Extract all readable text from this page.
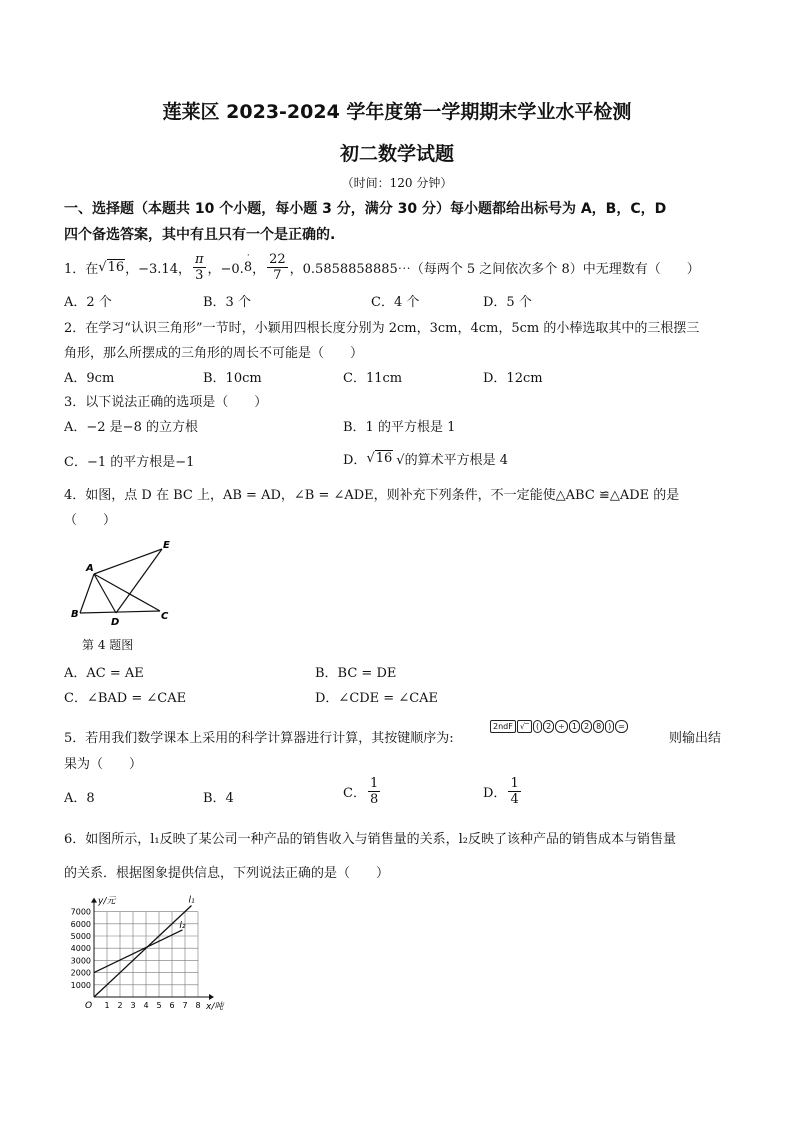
莲莱区 2023-2024 学年度第一学期期末学业水平检测
初二数学试题
（时间：120 分钟）
一、选择题（本题共 10 个小题，每小题 3 分，满分 30 分）每小题都给出标号为 A，B，C，D
四个备选答案，其中有且只有一个是正确的.
1．在 √16 ，−3.14， $\frac{\pi}{3}$ ，−0.
·
8 ， $\frac{22}{7}$ ，0.5858858885⋯（每两个 5 之间依次多个 8）中无理数有（　　）
A．2 个	B．3 个	C．4 个	D．5 个
2．在学习“认识三角形”一节时，小颖用四根长度分别为 2cm，3cm，4cm，5cm 的小棒选取其中的三根摆三
角形，那么所摆成的三角形的周长不可能是（　　）
A．9cm	B．10cm	C．11cm	D．12cm
3．以下说法正确的选项是（　　）
A．−2 是−8 的立方根	B．1 的平方根是 1
C．−1 的平方根是−1	D． √16 √的算术平方根是 4
4．如图，点 D 在 BC 上，AB = AD，∠B = ∠ADE，则补充下列条件，不一定能使△ABC ≌△ADE 的是
（　　）
A
B	C
D
E
第 4 题图
A．AC = AE	B．BC = DE
C．∠BAD = ∠CAE	D．∠CDE = ∠CAE
5．若用我们数学课本上采用的科学计算器进行计算，其按键顺序为:
2ndF √‾ ( 2 ÷ 1 2 8 ) =
则输出结
果为（　　）
A．8	B．4	C． $\frac{1}{8}$	D． $\frac{1}{4}$
6．如图所示，l₁反映了某公司一种产品的销售收入与销售量的关系，l₂反映了该种产品的销售成本与销售量
的关系．根据图象提供信息，下列说法正确的是（　　）
1000
2000
3000
4000
5000
6000
7000
1 2 3 4 5 6 7 8
l₁
l₂
y/元
x/吨
O
